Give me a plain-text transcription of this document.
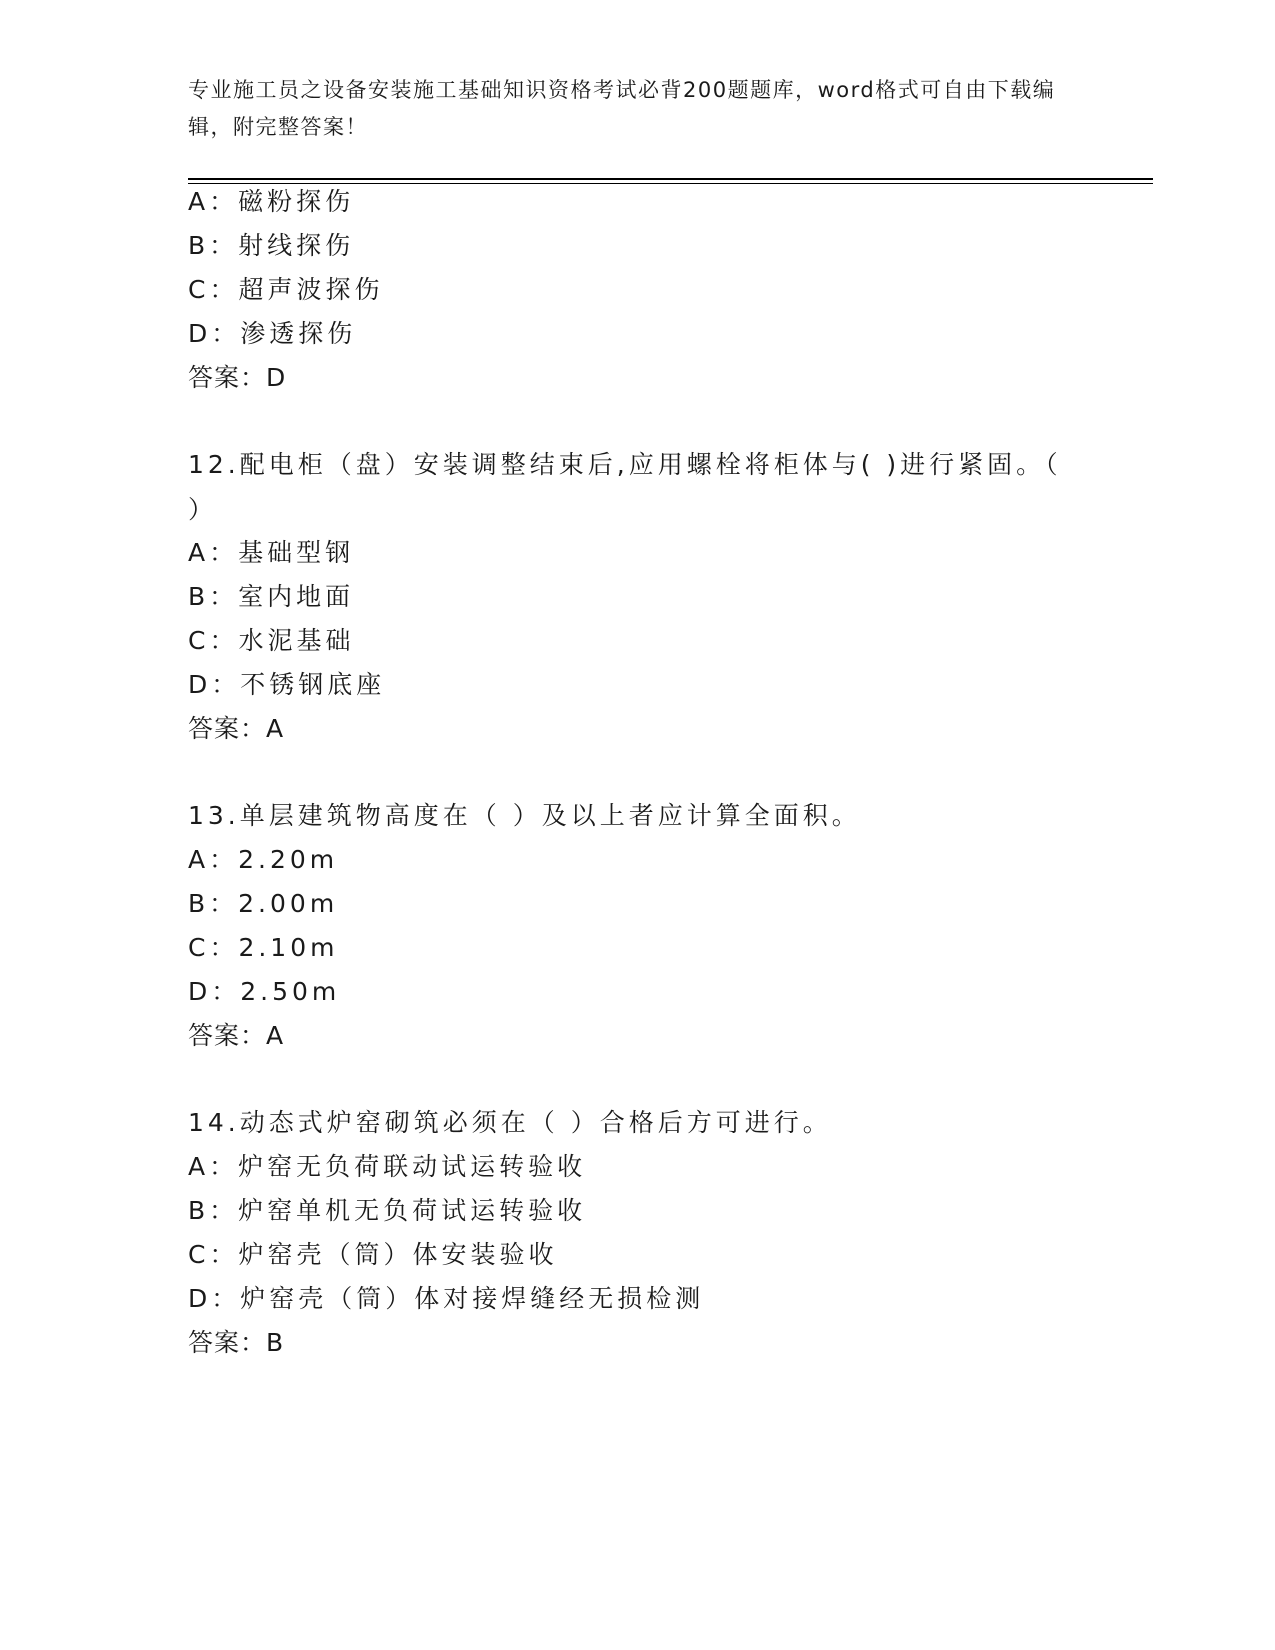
专业施工员之设备安装施工基础知识资格考试必背200题题库，word格式可自由下载编辑，附完整答案！
A：磁粉探伤
B：射线探伤
C：超声波探伤
D：渗透探伤
答案：D
12.配电柜（盘）安装调整结束后,应用螺栓将柜体与( )进行紧固。（ ）
A：基础型钢
B：室内地面
C：水泥基础
D：不锈钢底座
答案：A
13.单层建筑物高度在（ ）及以上者应计算全面积。
A：2.20m
B：2.00m
C：2.10m
D：2.50m
答案：A
14.动态式炉窑砌筑必须在（ ）合格后方可进行。
A：炉窑无负荷联动试运转验收
B：炉窑单机无负荷试运转验收
C：炉窑壳（筒）体安装验收
D：炉窑壳（筒）体对接焊缝经无损检测
答案：B
